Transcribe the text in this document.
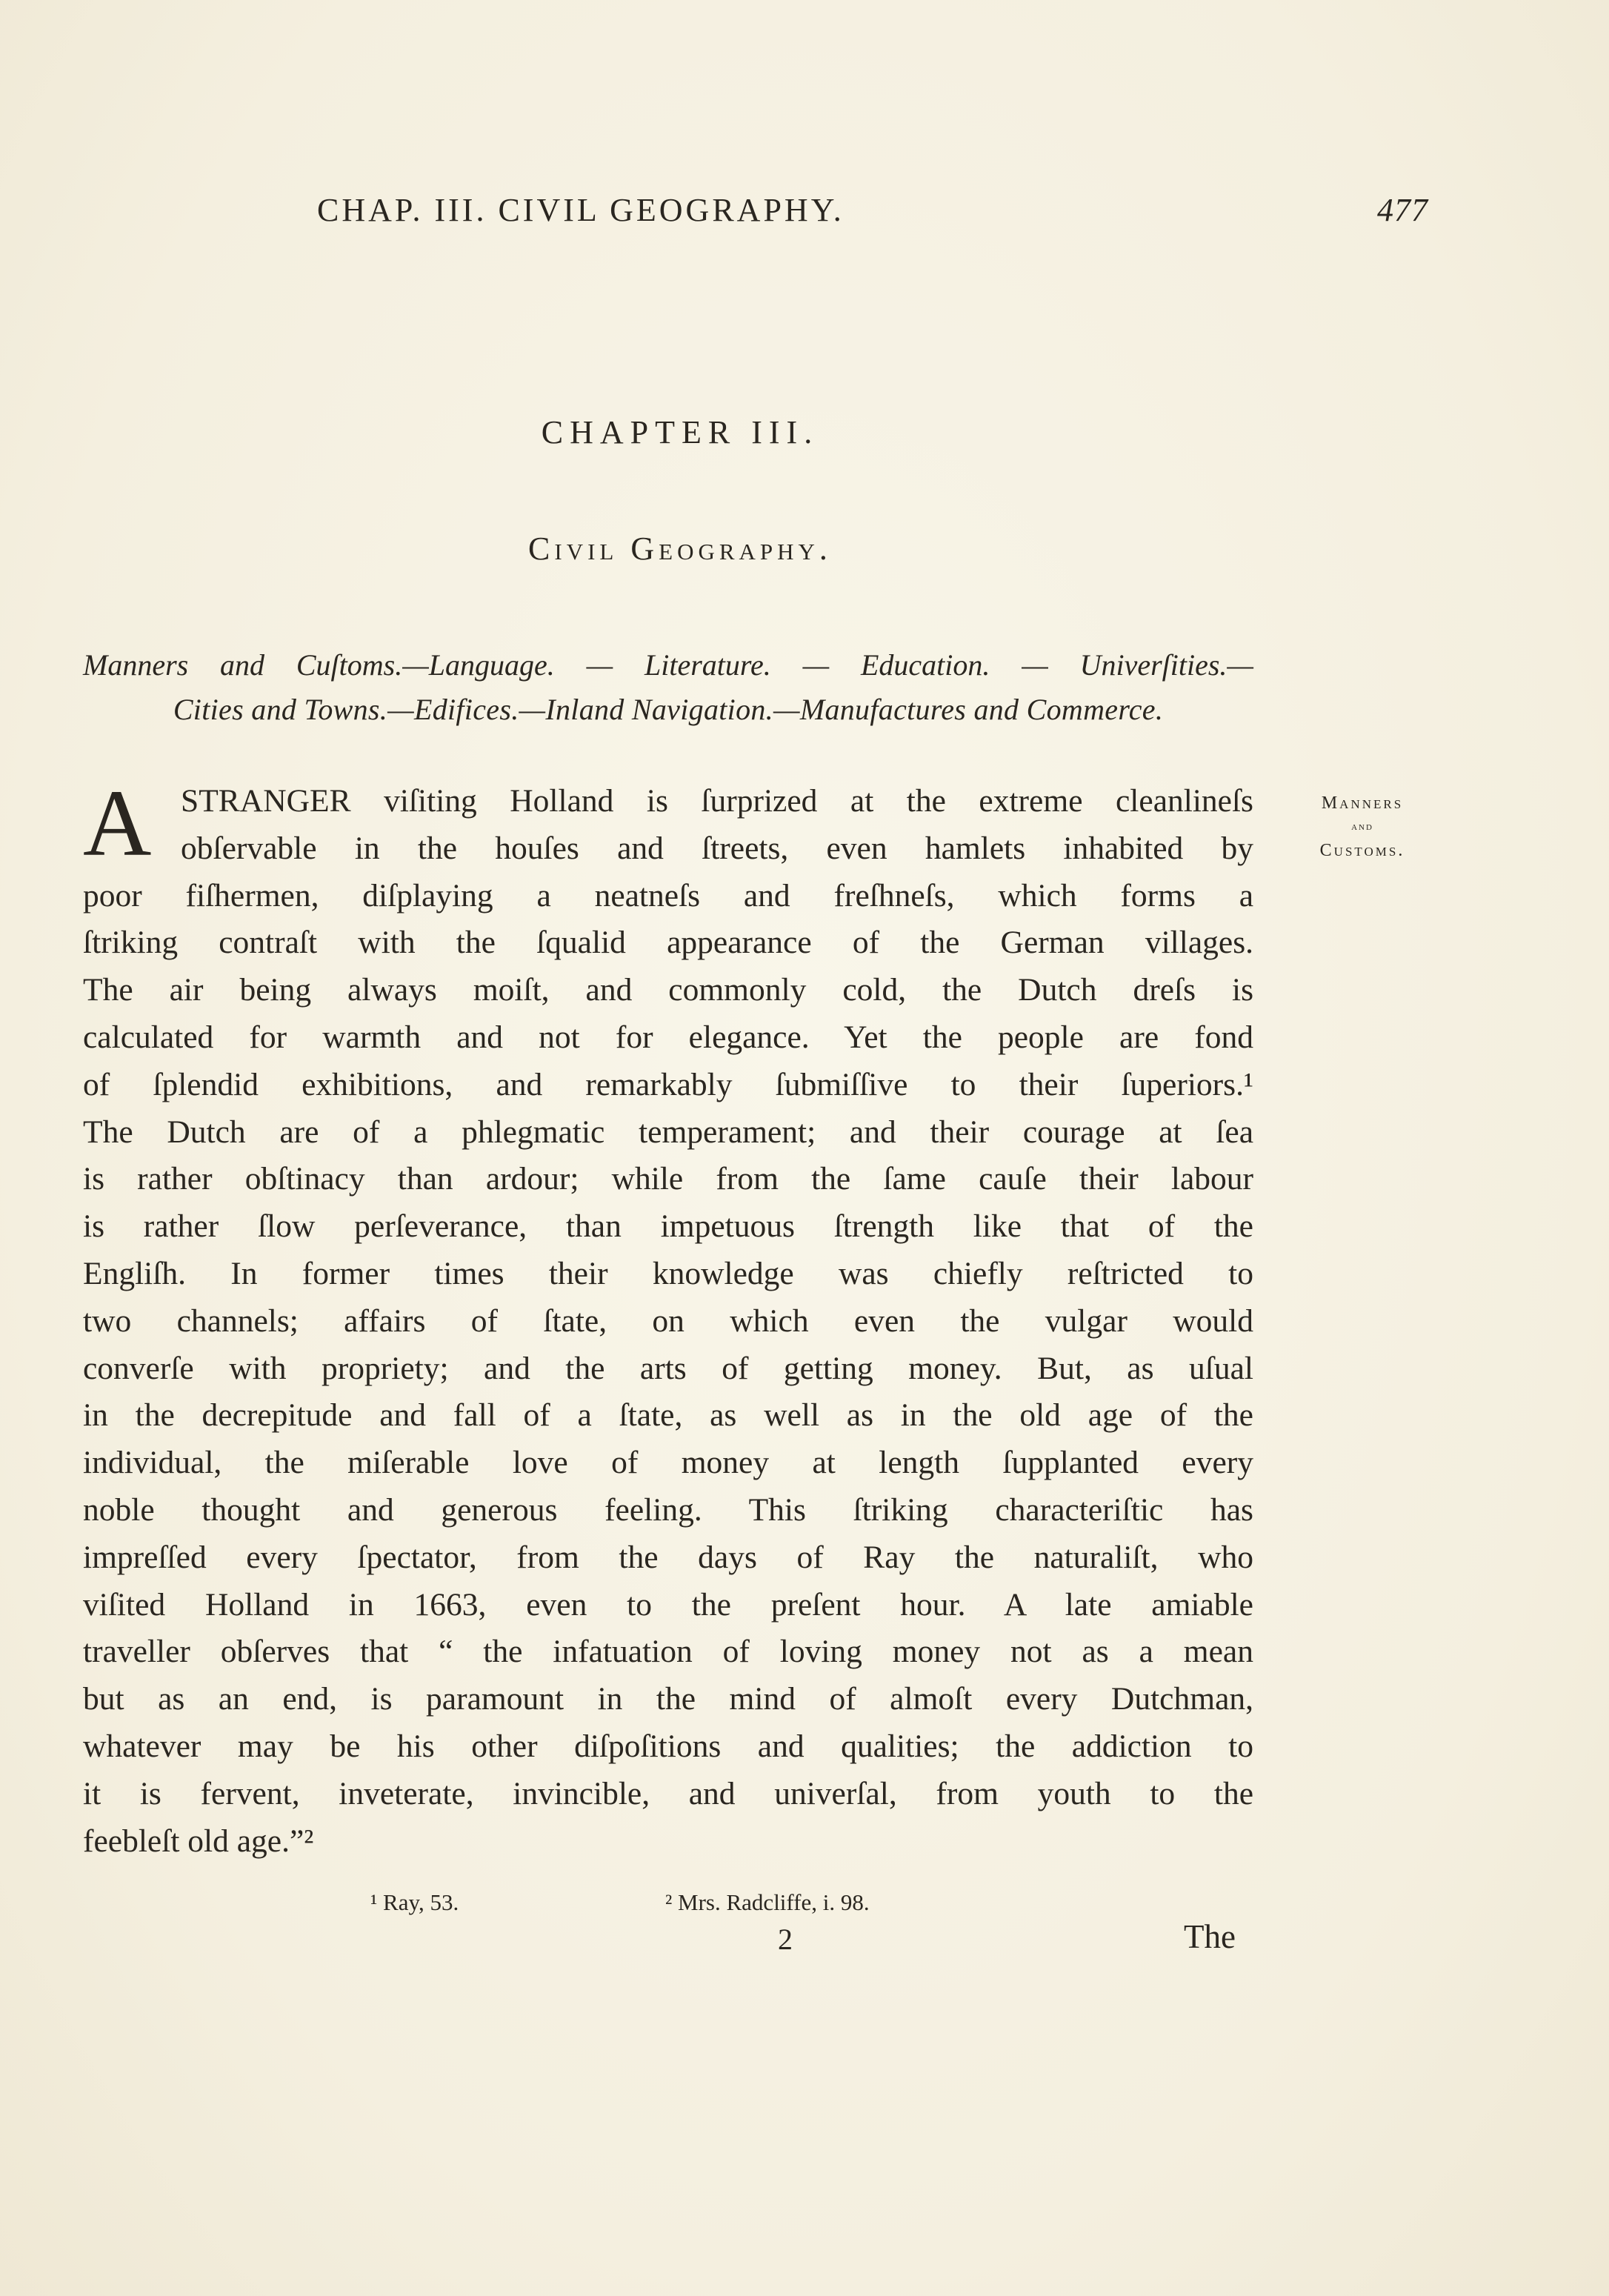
CHAP. III. CIVIL GEOGRAPHY.	477
CHAPTER III.
Civil Geography.
Manners and Cuſtoms.—Language. — Literature. — Education. — Univerſities.—
Cities and Towns.—Edifices.—Inland Navigation.—Manufactures and Commerce.
Manners
and
Customs.
A STRANGER viſiting Holland is ſurprized at the extreme cleanlineſs
obſervable in the houſes and ſtreets, even hamlets inhabited by
poor fiſhermen, diſplaying a neatneſs and freſhneſs, which forms a
ſtriking contraſt with the ſqualid appearance of the German villages.
The air being always moiſt, and commonly cold, the Dutch dreſs is
calculated for warmth and not for elegance. Yet the people are fond
of ſplendid exhibitions, and remarkably ſubmiſſive to their ſuperiors.¹
The Dutch are of a phlegmatic temperament; and their courage at ſea
is rather obſtinacy than ardour; while from the ſame cauſe their labour
is rather ſlow perſeverance, than impetuous ſtrength like that of the
Engliſh. In former times their knowledge was chiefly reſtricted to
two channels; affairs of ſtate, on which even the vulgar would
converſe with propriety; and the arts of getting money. But, as uſual
in the decrepitude and fall of a ſtate, as well as in the old age of the
individual, the miſerable love of money at length ſupplanted every
noble thought and generous feeling. This ſtriking characteriſtic has
impreſſed every ſpectator, from the days of Ray the naturaliſt, who
viſited Holland in 1663, even to the preſent hour. A late amiable
traveller obſerves that “ the infatuation of loving money not as a mean
but as an end, is paramount in the mind of almoſt every Dutchman,
whatever may be his other diſpoſitions and qualities; the addiction to
it is fervent, inveterate, invincible, and univerſal, from youth to the
feebleſt old age.”²
¹ Ray, 53.	² Mrs. Radcliffe, i. 98.
2	The
